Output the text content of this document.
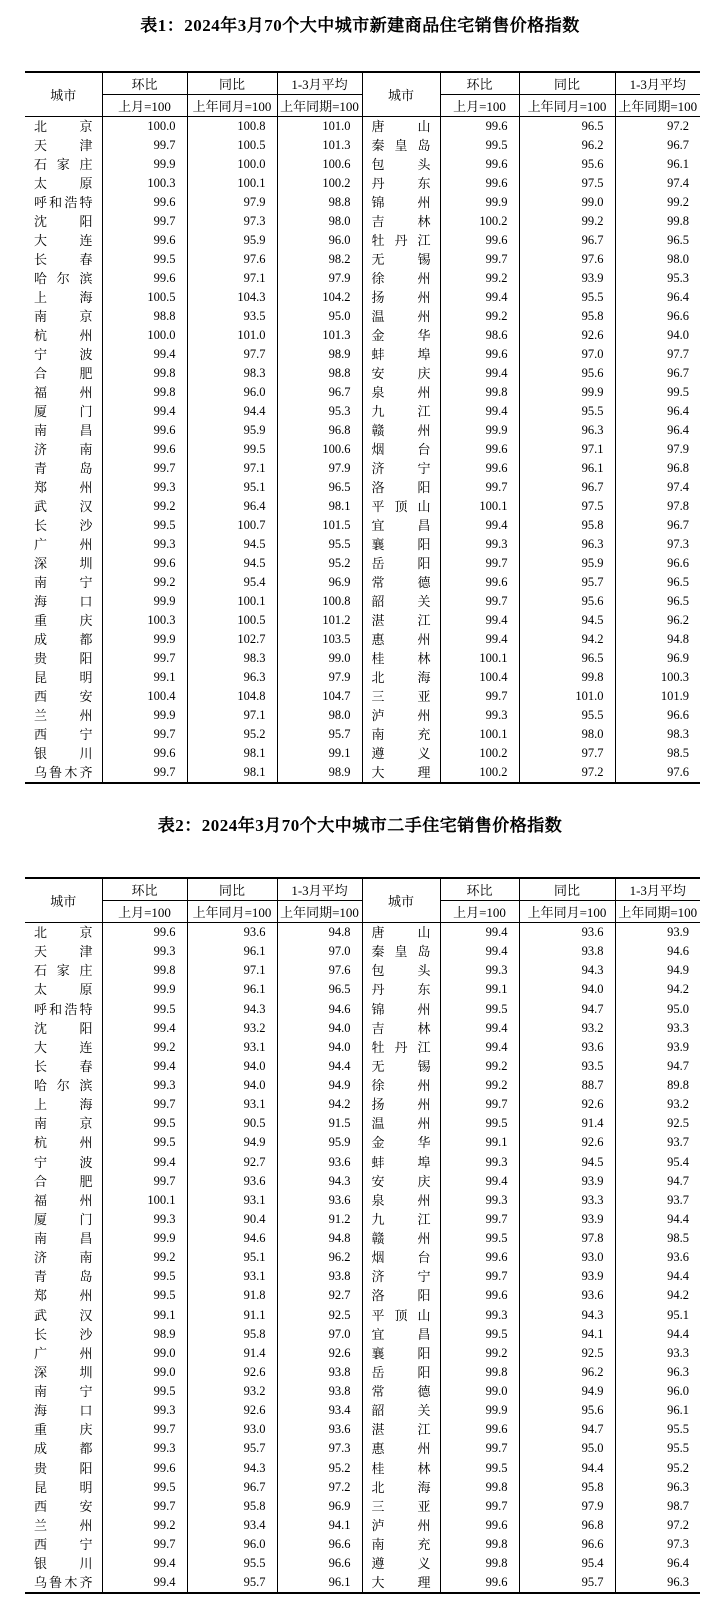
表1：2024年3月70个大中城市新建商品住宅销售价格指数
城市	环比	同比	1-3月平均	城市	环比	同比	1-3月平均
	上月=100	上年同月=100	上年同期=100		上月=100	上年同月=100	上年同期=100

北 京	100.0	100.8	101.0	唐 山	99.6	96.5	97.2

天 津	99.7	100.5	101.3	秦 皇 岛	99.5	96.2	96.7

石 家 庄	99.9	100.0	100.6	包 头	99.6	95.6	96.1

太 原	100.3	100.1	100.2	丹 东	99.6	97.5	97.4

呼 和 浩 特	99.6	97.9	98.8	锦 州	99.9	99.0	99.2

沈 阳	99.7	97.3	98.0	吉 林	100.2	99.2	99.8

大 连	99.6	95.9	96.0	牡 丹 江	99.6	96.7	96.5

长 春	99.5	97.6	98.2	无 锡	99.7	97.6	98.0

哈 尔 滨	99.6	97.1	97.9	徐 州	99.2	93.9	95.3

上 海	100.5	104.3	104.2	扬 州	99.4	95.5	96.4

南 京	98.8	93.5	95.0	温 州	99.2	95.8	96.6

杭 州	100.0	101.0	101.3	金 华	98.6	92.6	94.0

宁 波	99.4	97.7	98.9	蚌 埠	99.6	97.0	97.7

合 肥	99.8	98.3	98.8	安 庆	99.4	95.6	96.7

福 州	99.8	96.0	96.7	泉 州	99.8	99.9	99.5

厦 门	99.4	94.4	95.3	九 江	99.4	95.5	96.4

南 昌	99.6	95.9	96.8	赣 州	99.9	96.3	96.4

济 南	99.6	99.5	100.6	烟 台	99.6	97.1	97.9

青 岛	99.7	97.1	97.9	济 宁	99.6	96.1	96.8

郑 州	99.3	95.1	96.5	洛 阳	99.7	96.7	97.4

武 汉	99.2	96.4	98.1	平 顶 山	100.1	97.5	97.8

长 沙	99.5	100.7	101.5	宜 昌	99.4	95.8	96.7

广 州	99.3	94.5	95.5	襄 阳	99.3	96.3	97.3

深 圳	99.6	94.5	95.2	岳 阳	99.7	95.9	96.6

南 宁	99.2	95.4	96.9	常 德	99.6	95.7	96.5

海 口	99.9	100.1	100.8	韶 关	99.7	95.6	96.5

重 庆	100.3	100.5	101.2	湛 江	99.4	94.5	96.2

成 都	99.9	102.7	103.5	惠 州	99.4	94.2	94.8

贵 阳	99.7	98.3	99.0	桂 林	100.1	96.5	96.9

昆 明	99.1	96.3	97.9	北 海	100.4	99.8	100.3

西 安	100.4	104.8	104.7	三 亚	99.7	101.0	101.9

兰 州	99.9	97.1	98.0	泸 州	99.3	95.5	96.6

西 宁	99.7	95.2	95.7	南 充	100.1	98.0	98.3

银 川	99.6	98.1	99.1	遵 义	100.2	97.7	98.5

乌 鲁 木 齐	99.7	98.1	98.9	大 理	100.2	97.2	97.6
表2：2024年3月70个大中城市二手住宅销售价格指数
城市	环比	同比	1-3月平均	城市	环比	同比	1-3月平均
	上月=100	上年同月=100	上年同期=100		上月=100	上年同月=100	上年同期=100

北 京	99.6	93.6	94.8	唐 山	99.4	93.6	93.9

天 津	99.3	96.1	97.0	秦 皇 岛	99.4	93.8	94.6

石 家 庄	99.8	97.1	97.6	包 头	99.3	94.3	94.9

太 原	99.9	96.1	96.5	丹 东	99.1	94.0	94.2

呼 和 浩 特	99.5	94.3	94.6	锦 州	99.5	94.7	95.0

沈 阳	99.4	93.2	94.0	吉 林	99.4	93.2	93.3

大 连	99.2	93.1	94.0	牡 丹 江	99.4	93.6	93.9

长 春	99.4	94.0	94.4	无 锡	99.2	93.5	94.7

哈 尔 滨	99.3	94.0	94.9	徐 州	99.2	88.7	89.8

上 海	99.7	93.1	94.2	扬 州	99.7	92.6	93.2

南 京	99.5	90.5	91.5	温 州	99.5	91.4	92.5

杭 州	99.5	94.9	95.9	金 华	99.1	92.6	93.7

宁 波	99.4	92.7	93.6	蚌 埠	99.3	94.5	95.4

合 肥	99.7	93.6	94.3	安 庆	99.4	93.9	94.7

福 州	100.1	93.1	93.6	泉 州	99.3	93.3	93.7

厦 门	99.3	90.4	91.2	九 江	99.7	93.9	94.4

南 昌	99.9	94.6	94.8	赣 州	99.5	97.8	98.5

济 南	99.2	95.1	96.2	烟 台	99.6	93.0	93.6

青 岛	99.5	93.1	93.8	济 宁	99.7	93.9	94.4

郑 州	99.5	91.8	92.7	洛 阳	99.6	93.6	94.2

武 汉	99.1	91.1	92.5	平 顶 山	99.3	94.3	95.1

长 沙	98.9	95.8	97.0	宜 昌	99.5	94.1	94.4

广 州	99.0	91.4	92.6	襄 阳	99.2	92.5	93.3

深 圳	99.0	92.6	93.8	岳 阳	99.8	96.2	96.3

南 宁	99.5	93.2	93.8	常 德	99.0	94.9	96.0

海 口	99.3	92.6	93.4	韶 关	99.9	95.6	96.1

重 庆	99.7	93.0	93.6	湛 江	99.6	94.7	95.5

成 都	99.3	95.7	97.3	惠 州	99.7	95.0	95.5

贵 阳	99.6	94.3	95.2	桂 林	99.5	94.4	95.2

昆 明	99.5	96.7	97.2	北 海	99.8	95.8	96.3

西 安	99.7	95.8	96.9	三 亚	99.7	97.9	98.7

兰 州	99.2	93.4	94.1	泸 州	99.6	96.8	97.2

西 宁	99.7	96.0	96.6	南 充	99.8	96.6	97.3

银 川	99.4	95.5	96.6	遵 义	99.8	95.4	96.4

乌 鲁 木 齐	99.4	95.7	96.1	大 理	99.6	95.7	96.3
